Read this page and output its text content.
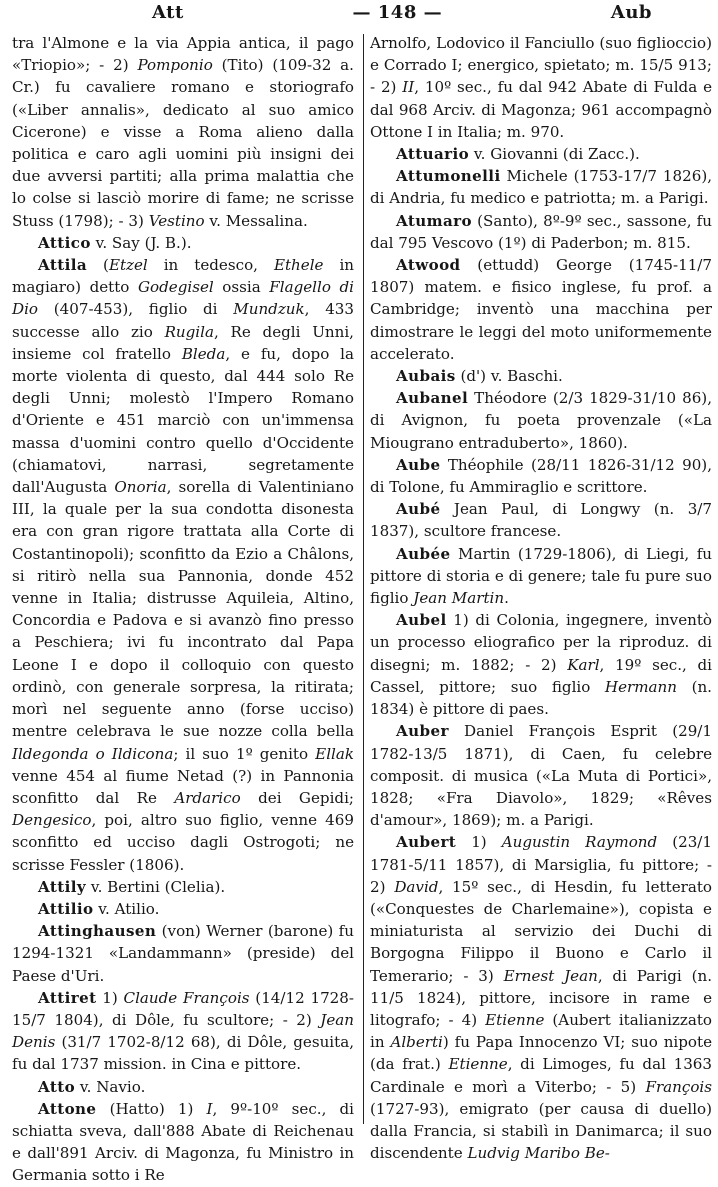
Att	— 148 —	Aub

tra l'Almone e la via Appia antica, il pago «Triopio»; - 2) Pomponio (Tito) (109-32 a. Cr.) fu cavaliere romano e storiografo («Liber annalis», dedicato al suo amico Cicerone) e visse a Roma alieno dalla politica e caro agli uomini più insigni dei due avversi partiti; alla prima malattia che lo colse si lasciò morire di fame; ne scrisse Stuss (1798); - 3) Vestino v. Messalina.

Attico v. Say (J. B.).

Attila (Etzel in tedesco, Ethele in magiaro) detto Godegisel ossia Flagello di Dio (407-453), figlio di Mundzuk, 433 successe allo zio Rugila, Re degli Unni, insieme col fratello Bleda, e fu, dopo la morte violenta di questo, dal 444 solo Re degli Unni; molestò l'Impero Romano d'Oriente e 451 marciò con un'immensa massa d'uomini contro quello d'Occidente (chiamatovi, narrasi, segretamente dall'Augusta Onoria, sorella di Valentiniano III, la quale per la sua condotta disonesta era con gran rigore trattata alla Corte di Costantinopoli); sconfitto da Ezio a Châlons, si ritirò nella sua Pannonia, donde 452 venne in Italia; distrusse Aquileia, Altino, Concordia e Padova e si avanzò fino presso a Peschiera; ivi fu incontrato dal Papa Leone I e dopo il colloquio con questo ordinò, con generale sorpresa, la ritirata; morì nel seguente anno (forse ucciso) mentre celebrava le sue nozze colla bella Ildegonda o Ildicona; il suo 1º genito Ellak venne 454 al fiume Netad (?) in Pannonia sconfitto dal Re Ardarico dei Gepidi; Dengesico, poi, altro suo figlio, venne 469 sconfitto ed ucciso dagli Ostrogoti; ne scrisse Fessler (1806).

Attily v. Bertini (Clelia).

Attilio v. Atilio.

Attinghausen (von) Werner (barone) fu 1294-1321 «Landammann» (preside) del Paese d'Uri.

Attiret 1) Claude François (14/12 1728-15/7 1804), di Dôle, fu scultore; - 2) Jean Denis (31/7 1702-8/12 68), di Dôle, gesuita, fu dal 1737 mission. in Cina e pittore.

Atto v. Navio.

Attone (Hatto) 1) I, 9º-10º sec., di schiatta sveva, dall'888 Abate di Reichenau e dall'891 Arciv. di Magonza, fu Ministro in Germania sotto i Re

Arnolfo, Lodovico il Fanciullo (suo figlioccio) e Corrado I; energico, spietato; m. 15/5 913; - 2) II, 10º sec., fu dal 942 Abate di Fulda e dal 968 Arciv. di Magonza; 961 accompagnò Ottone I in Italia; m. 970.

Attuario v. Giovanni (di Zacc.).

Attumonelli Michele (1753-17/7 1826), di Andria, fu medico e patriotta; m. a Parigi.

Atumaro (Santo), 8º-9º sec., sassone, fu dal 795 Vescovo (1º) di Paderbon; m. 815.

Atwood (ettudd) George (1745-11/7 1807) matem. e fisico inglese, fu prof. a Cambridge; inventò una macchina per dimostrare le leggi del moto uniformemente accelerato.

Aubais (d') v. Baschi.

Aubanel Théodore (2/3 1829-31/10 86), di Avignon, fu poeta provenzale («La Miougrano entraduberto», 1860).

Aube Théophile (28/11 1826-31/12 90), di Tolone, fu Ammiraglio e scrittore.

Aubé Jean Paul, di Longwy (n. 3/7 1837), scultore francese.

Aubée Martin (1729-1806), di Liegi, fu pittore di storia e di genere; tale fu pure suo figlio Jean Martin.

Aubel 1) di Colonia, ingegnere, inventò un processo eliografico per la riproduz. di disegni; m. 1882; - 2) Karl, 19º sec., di Cassel, pittore; suo figlio Hermann (n. 1834) è pittore di paes.

Auber Daniel François Esprit (29/1 1782-13/5 1871), di Caen, fu celebre composit. di musica («La Muta di Portici», 1828; «Fra Diavolo», 1829; «Rêves d'amour», 1869); m. a Parigi.

Aubert 1) Augustin Raymond (23/1 1781-5/11 1857), di Marsiglia, fu pittore; - 2) David, 15º sec., di Hesdin, fu letterato («Conquestes de Charlemaine»), copista e miniaturista al servizio dei Duchi di Borgogna Filippo il Buono e Carlo il Temerario; - 3) Ernest Jean, di Parigi (n. 11/5 1824), pittore, incisore in rame e litografo; - 4) Etienne (Aubert italianizzato in Alberti) fu Papa Innocenzo VI; suo nipote (da frat.) Etienne, di Limoges, fu dal 1363 Cardinale e morì a Viterbo; - 5) François (1727-93), emigrato (per causa di duello) dalla Francia, si stabilì in Danimarca; il suo discendente Ludvig Maribo Be-
